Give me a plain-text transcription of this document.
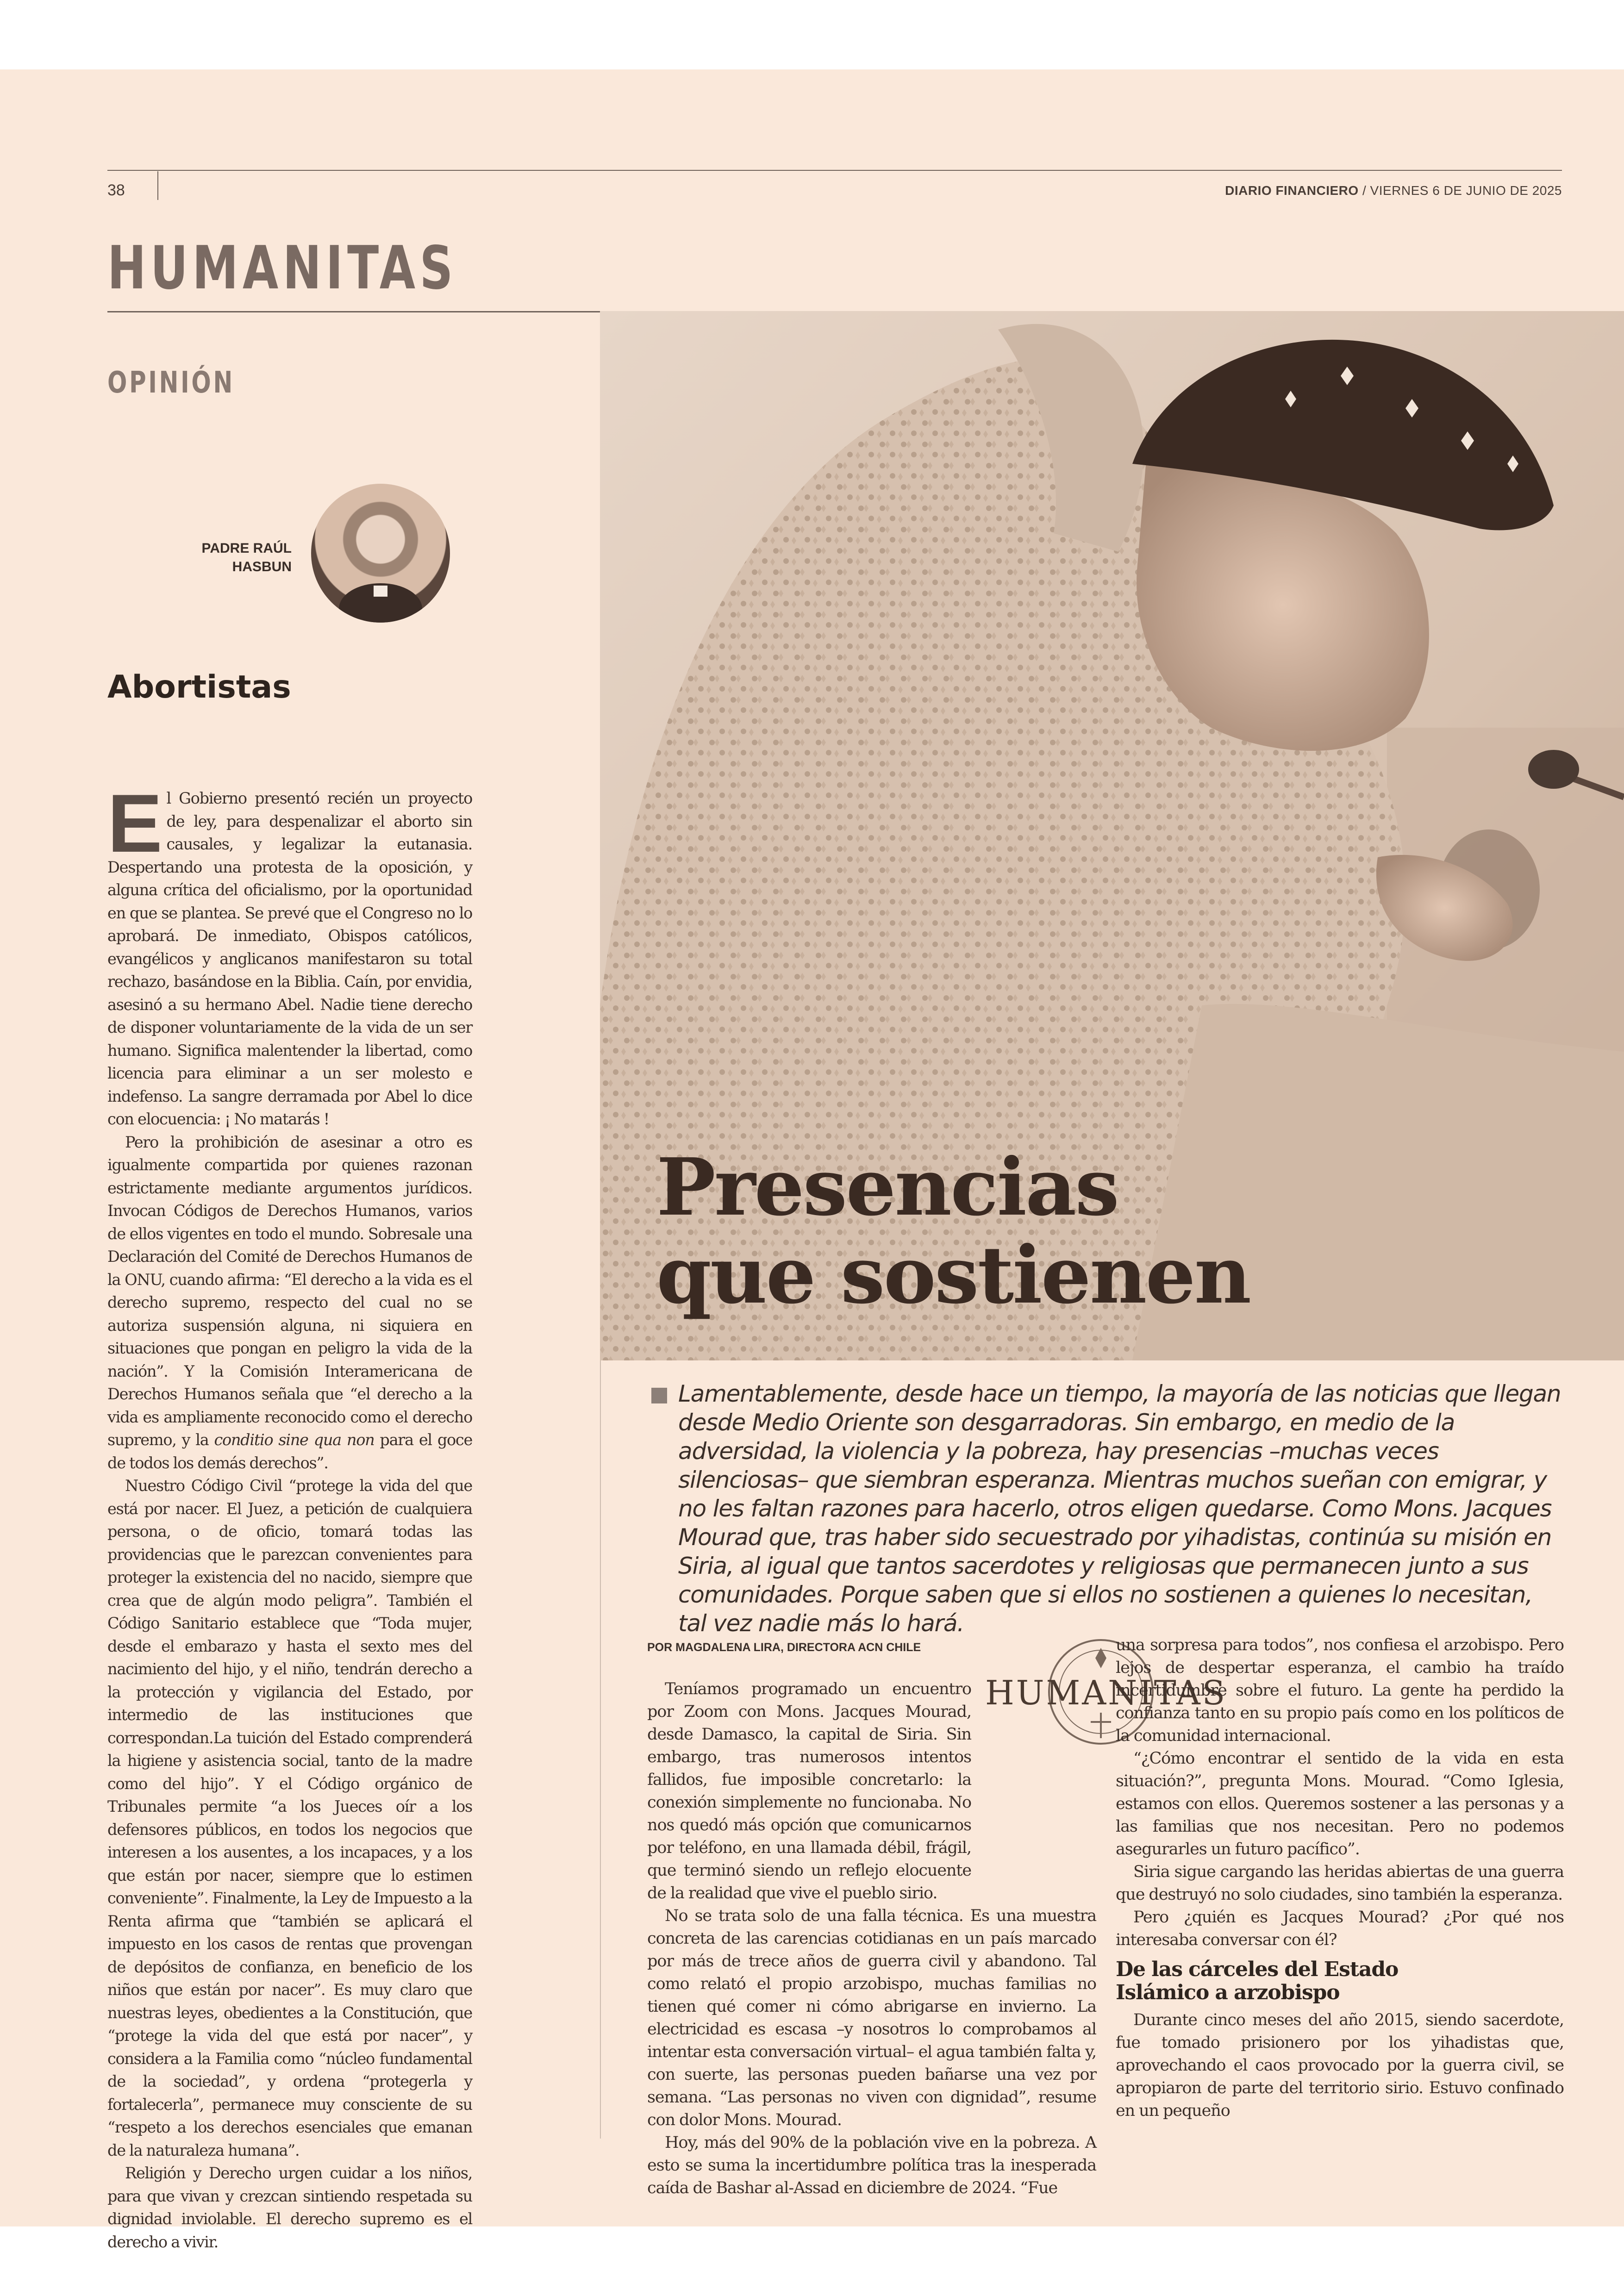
38	DIARIO FINANCIERO / VIERNES 6 DE JUNIO DE 2025
HUMANITAS
OPINIÓN
PADRE RAÚL
HASBUN
Abortistas

El Gobierno presentó recién un proyecto de ley, para despenalizar el aborto sin causales, y legalizar la eutanasia. Despertando una protesta de la oposición, y alguna crítica del oficialismo, por la oportunidad en que se plantea. Se prevé que el Congreso no lo aprobará. De inmediato, Obispos católicos, evangélicos y anglicanos manifestaron su total rechazo, basándose en la Biblia. Caín, por envidia, asesinó a su hermano Abel. Nadie tiene derecho de disponer voluntariamente de la vida de un ser humano. Significa malentender la libertad, como licencia para eliminar a un ser molesto e indefenso. La sangre derramada por Abel lo dice con elocuencia: ¡ No matarás !

Pero la prohibición de asesinar a otro es igualmente compartida por quienes razonan estrictamente mediante argumentos jurídicos. Invocan Códigos de Derechos Humanos, varios de ellos vigentes en todo el mundo. Sobresale una Declaración del Comité de Derechos Humanos de la ONU, cuando afirma: “El derecho a la vida es el derecho supremo, respecto del cual no se autoriza suspensión alguna, ni siquiera en situaciones que pongan en peligro la vida de la nación”. Y la Comisión Interamericana de Derechos Humanos señala que “el derecho a la vida es ampliamente reconocido como el derecho supremo, y la conditio sine qua non para el goce de todos los demás derechos”.

Nuestro Código Civil “protege la vida del que está por nacer. El Juez, a petición de cualquiera persona, o de oficio, tomará todas las providencias que le parezcan convenientes para proteger la existencia del no nacido, siempre que crea que de algún modo peligra”. También el Código Sanitario establece que “Toda mujer, desde el embarazo y hasta el sexto mes del nacimiento del hijo, y el niño, tendrán derecho a la protección y vigilancia del Estado, por intermedio de las instituciones que correspondan.La tuición del Estado comprenderá la higiene y asistencia social, tanto de la madre como del hijo”. Y el Código orgánico de Tribunales permite “a los Jueces oír a los defensores públicos, en todos los negocios que interesen a los ausentes, a los incapaces, y a los que están por nacer, siempre que lo estimen conveniente”. Finalmente, la Ley de Impuesto a la Renta afirma que “también se aplicará el impuesto en los casos de rentas que provengan de depósitos de confianza, en beneficio de los niños que están por nacer”. Es muy claro que nuestras leyes, obedientes a la Constitución, que “protege la vida del que está por nacer”, y considera a la Familia como “núcleo fundamental de la sociedad”, y ordena “protegerla y fortalecerla”, permanece muy consciente de su “respeto a los derechos esenciales que emanan de la naturaleza humana”.

Religión y Derecho urgen cuidar a los niños, para que vivan y crezcan sintiendo respetada su dignidad inviolable. El derecho supremo es el derecho a vivir.

Presencias
que sostienen
Lamentablemente, desde hace un tiempo, la mayoría de las noticias que llegan desde Medio Oriente son desgarradoras. Sin embargo, en medio de la adversidad, la violencia y la pobreza, hay presencias –muchas veces silenciosas– que siembran esperanza. Mientras muchos sueñan con emigrar, y no les faltan razones para hacerlo, otros eligen quedarse. Como Mons. Jacques Mourad que, tras haber sido secuestrado por yihadistas, continúa su misión en Siria, al igual que tantos sacerdotes y religiosas que permanecen junto a sus comunidades. Porque saben que si ellos no sostienen a quienes lo necesitan, tal vez nadie más lo hará.
POR MAGDALENA LIRA, DIRECTORA ACN CHILE
HUMANITAS

Teníamos programado un encuentro por Zoom con Mons. Jacques Mourad, desde Damasco, la capital de Siria. Sin embargo, tras numerosos intentos fallidos, fue imposible concretarlo: la conexión simplemente no funcionaba. No nos quedó más opción que comunicarnos por teléfono, en una llamada débil, frágil, que terminó siendo un reflejo elocuente de la realidad que vive el pueblo sirio.

No se trata solo de una falla técnica. Es una muestra concreta de las carencias cotidianas en un país marcado por más de trece años de guerra civil y abandono. Tal como relató el propio arzobispo, muchas familias no tienen qué comer ni cómo abrigarse en invierno. La electricidad es escasa –y nosotros lo comprobamos al intentar esta conversación virtual– el agua también falta y, con suerte, las personas pueden bañarse una vez por semana. “Las personas no viven con dignidad”, resume con dolor Mons. Mourad.

Hoy, más del 90% de la población vive en la pobreza. A esto se suma la incertidumbre política tras la inesperada caída de Bashar al-Assad en diciembre de 2024. “Fue

una sorpresa para todos”, nos confiesa el arzobispo. Pero lejos de despertar esperanza, el cambio ha traído incertidumbre sobre el futuro. La gente ha perdido la confianza tanto en su propio país como en los políticos de la comunidad internacional.

“¿Cómo encontrar el sentido de la vida en esta situación?”, pregunta Mons. Mourad. “Como Iglesia, estamos con ellos. Queremos sostener a las personas y a las familias que nos necesitan. Pero no podemos asegurarles un futuro pacífico”.

Siria sigue cargando las heridas abiertas de una guerra que destruyó no solo ciudades, sino también la esperanza.

Pero ¿quién es Jacques Mourad? ¿Por qué nos interesaba conversar con él?

De las cárceles del Estado
Islámico a arzobispo

Durante cinco meses del año 2015, siendo sacerdote, fue tomado prisionero por los yihadistas que, aprovechando el caos provocado por la guerra civil, se apropiaron de parte del territorio sirio. Estuvo confinado en un pequeño
